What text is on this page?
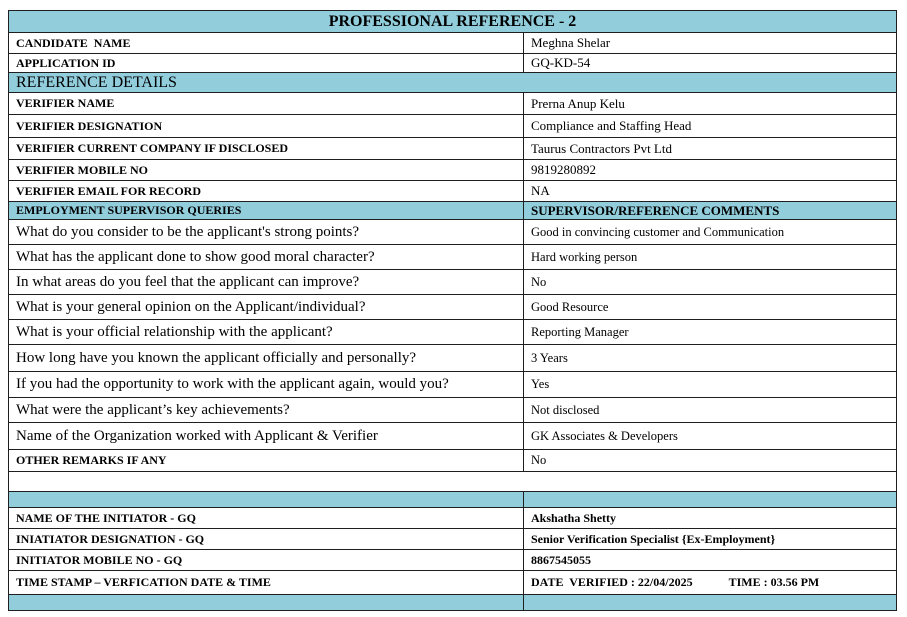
PROFESSIONAL REFERENCE - 2	
CANDIDATE  NAME	Meghna Shelar
APPLICATION ID	GQ-KD-54
REFERENCE DETAILS	
VERIFIER NAME	Prerna Anup Kelu
VERIFIER DESIGNATION	Compliance and Staffing Head
VERIFIER CURRENT COMPANY IF DISCLOSED	Taurus Contractors Pvt Ltd
VERIFIER MOBILE NO	9819280892
VERIFIER EMAIL FOR RECORD	NA
EMPLOYMENT SUPERVISOR QUERIES	SUPERVISOR/REFERENCE COMMENTS
What do you consider to be the applicant's strong points?	Good in convincing customer and Communication
What has the applicant done to show good moral character?	Hard working person
In what areas do you feel that the applicant can improve?	No
What is your general opinion on the Applicant/individual?	Good Resource
What is your official relationship with the applicant?	Reporting Manager
How long have you known the applicant officially and personally?	3 Years
If you had the opportunity to work with the applicant again, would you?	Yes
What were the applicant’s key achievements?	Not disclosed
Name of the Organization worked with Applicant & Verifier	GK Associates & Developers
OTHER REMARKS IF ANY	No

NAME OF THE INITIATOR - GQ	Akshatha Shetty
INIATIATOR DESIGNATION - GQ	Senior Verification Specialist {Ex-Employment}
INITIATOR MOBILE NO - GQ	8867545055
TIME STAMP – VERFICATION DATE & TIME	DATE  VERIFIED : 22/04/2025 TIME : 03.56 PM
